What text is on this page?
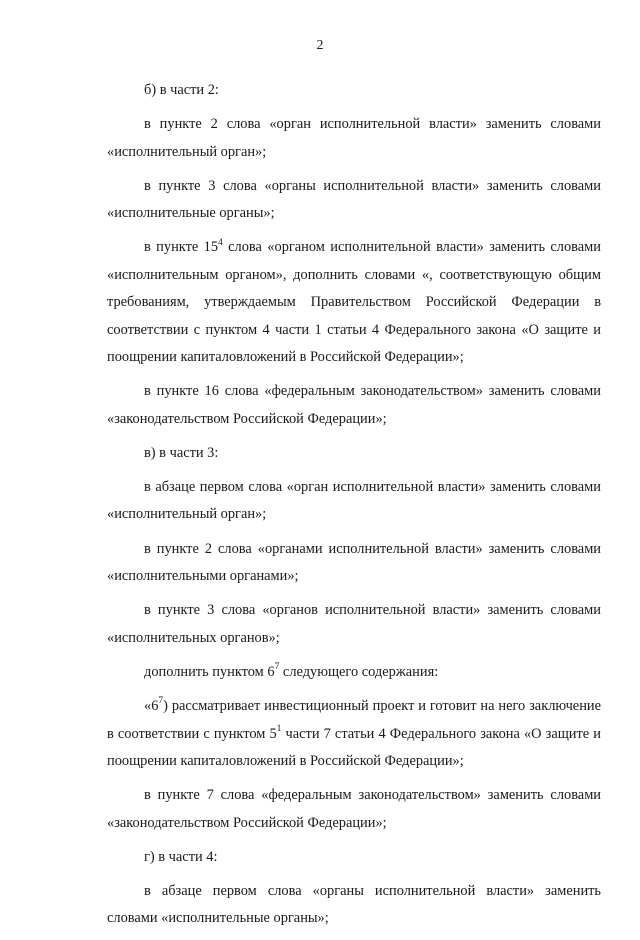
2

б) в части 2:

в пункте 2 слова «орган исполнительной власти» заменить словами «исполнительный орган»;

в пункте 3 слова «органы исполнительной власти» заменить словами «исполнительные органы»;

в пункте $15^4$ слова «органом исполнительной власти» заменить словами «исполнительным органом», дополнить словами «, соответствующую общим требованиям, утверждаемым Правительством Российской Федерации в соответствии с пунктом 4 части 1 статьи 4 Федерального закона «О защите и поощрении капиталовложений в Российской Федерации»;

в пункте 16 слова «федеральным законодательством» заменить словами «законодательством Российской Федерации»;

в) в части 3:

в абзаце первом слова «орган исполнительной власти» заменить словами «исполнительный орган»;

в пункте 2 слова «органами исполнительной власти» заменить словами «исполнительными органами»;

в пункте 3 слова «органов исполнительной власти» заменить словами «исполнительных органов»;

дополнить пунктом $6^7$ следующего содержания:

«$6^7$) рассматривает инвестиционный проект и готовит на него заключение в соответствии с пунктом $5^1$ части 7 статьи 4 Федерального закона «О защите и поощрении капиталовложений в Российской Федерации»;

в пункте 7 слова «федеральным законодательством» заменить словами «законодательством Российской Федерации»;

г) в части 4:

в абзаце первом слова «органы исполнительной власти» заменить словами «исполнительные органы»;
